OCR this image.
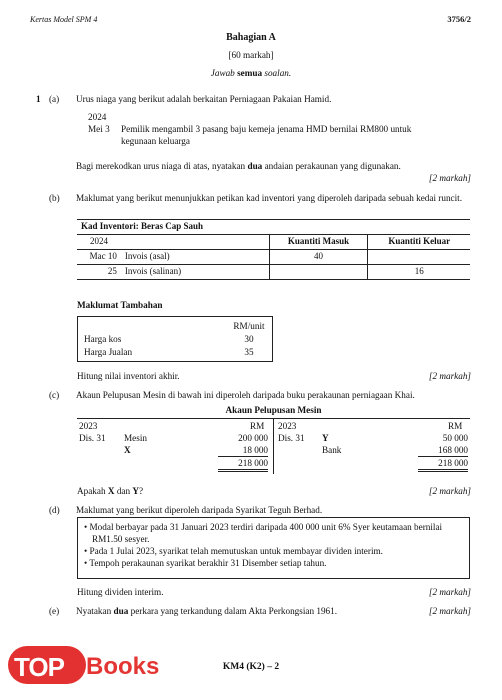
Kertas Model SPM 4	3756/2
Bahagian A
[60 markah]
Jawab semua soalan.
1 (a) Urus niaga yang berikut adalah berkaitan Perniagaan Pakaian Hamid.
2024
Mei 3 Pemilik mengambil 3 pasang baju kemeja jenama HMD bernilai RM800 untuk kegunaan keluarga
Bagi merekodkan urus niaga di atas, nyatakan dua andaian perakaunan yang digunakan.
[2 markah]
(b) Maklumat yang berikut menunjukkan petikan kad inventori yang diperoleh daripada sebuah kedai runcit.
Kad Inventori: Beras Cap Sauh			
2024		Kuantiti Masuk	Kuantiti Keluar
Mac 10	Invois (asal)	40	
25	Invois (salinan)		16
Maklumat Tambahan
RM/unit
Harga kos	30
Harga Jualan	35
Hitung nilai inventori akhir.	[2 markah]
(c) Akaun Pelupusan Mesin di bawah ini diperoleh daripada buku perakaunan perniagaan Khai.
Akaun Pelupusan Mesin
2023	RM
Dis. 31 Mesin	200 000
X	18 000
218 000
2023	RM
Dis. 31 Y	50 000
Bank	168 000
218 000
Apakah X dan Y?	[2 markah]
(d) Maklumat yang berikut diperoleh daripada Syarikat Teguh Berhad.
• Modal berbayar pada 31 Januari 2023 terdiri daripada 400 000 unit 6% Syer keutamaan bernilai RM1.50 sesyer.
• Pada 1 Julai 2023, syarikat telah memutuskan untuk membayar dividen interim.
• Tempoh perakaunan syarikat berakhir 31 Disember setiap tahun.
Hitung dividen interim.	[2 markah]
(e) Nyatakan dua perkara yang terkandung dalam Akta Perkongsian 1961.	[2 markah]
KM4 (K2) – 2
TOP Books
